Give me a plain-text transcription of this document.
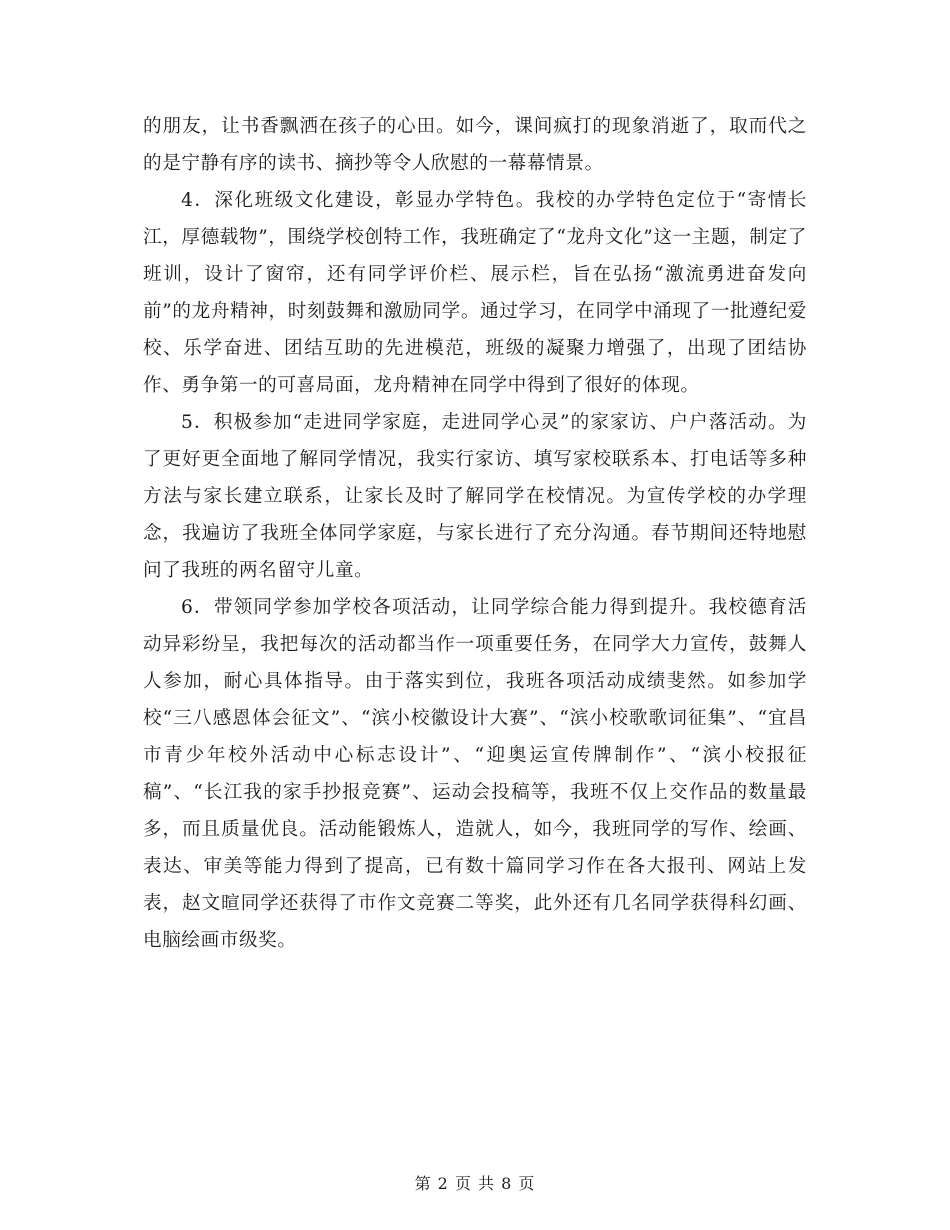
的朋友，让书香飘洒在孩子的心田。如今，课间疯打的现象消逝了，取而代之的是宁静有序的读书、摘抄等令人欣慰的一幕幕情景。

4．深化班级文化建设，彰显办学特色。我校的办学特色定位于“寄情长江，厚德载物”，围绕学校创特工作，我班确定了“龙舟文化”这一主题，制定了班训，设计了窗帘，还有同学评价栏、展示栏，旨在弘扬“激流勇进奋发向前”的龙舟精神，时刻鼓舞和激励同学。通过学习，在同学中涌现了一批遵纪爱校、乐学奋进、团结互助的先进模范，班级的凝聚力增强了，出现了团结协作、勇争第一的可喜局面，龙舟精神在同学中得到了很好的体现。

5．积极参加“走进同学家庭，走进同学心灵”的家家访、户户落活动。为了更好更全面地了解同学情况，我实行家访、填写家校联系本、打电话等多种方法与家长建立联系，让家长及时了解同学在校情况。为宣传学校的办学理念，我遍访了我班全体同学家庭，与家长进行了充分沟通。春节期间还特地慰问了我班的两名留守儿童。

6．带领同学参加学校各项活动，让同学综合能力得到提升。我校德育活动异彩纷呈，我把每次的活动都当作一项重要任务，在同学大力宣传，鼓舞人人参加，耐心具体指导。由于落实到位，我班各项活动成绩斐然。如参加学校“三八感恩体会征文”、“滨小校徽设计大赛”、“滨小校歌歌词征集”、“宜昌市青少年校外活动中心标志设计”、“迎奥运宣传牌制作”、“滨小校报征稿”、“长江我的家手抄报竞赛”、运动会投稿等，我班不仅上交作品的数量最多，而且质量优良。活动能锻炼人，造就人，如今，我班同学的写作、绘画、表达、审美等能力得到了提高，已有数十篇同学习作在各大报刊、网站上发表，赵文暄同学还获得了市作文竞赛二等奖，此外还有几名同学获得科幻画、电脑绘画市级奖。

第 2 页 共 8 页
